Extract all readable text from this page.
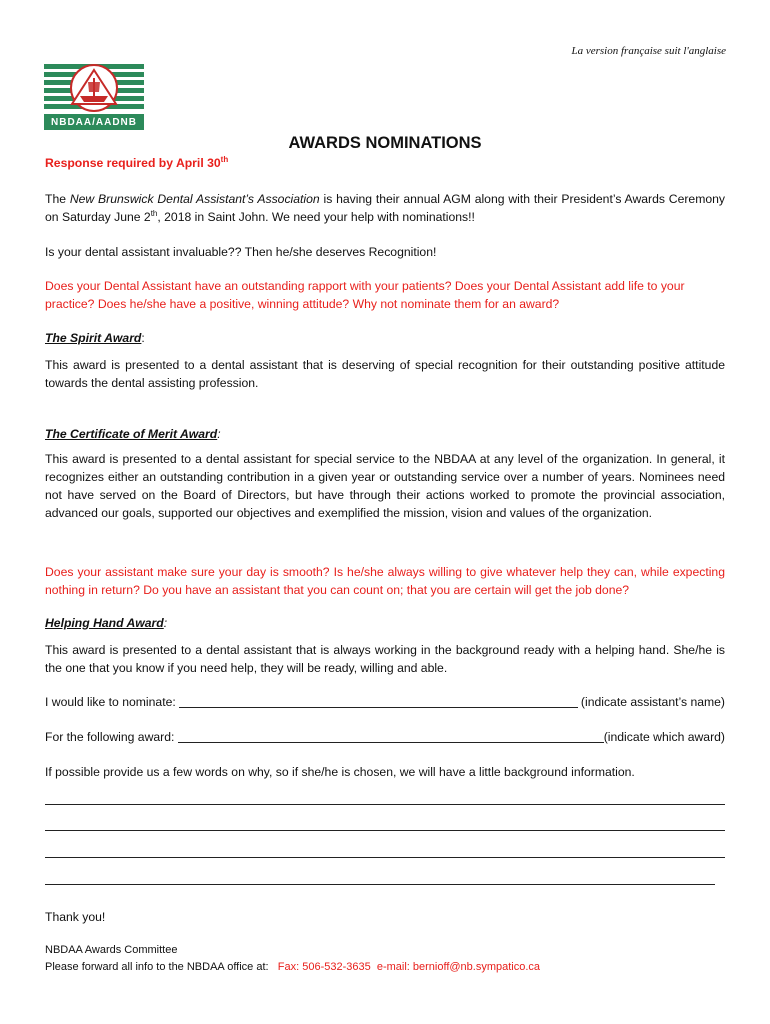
La version française suit l'anglaise
NBDAA/AADNB
AWARDS NOMINATIONS
Response required by April 30th
The New Brunswick Dental Assistant’s Association is having their annual AGM along with their President’s Awards Ceremony on Saturday June 2th, 2018 in Saint John. We need your help with nominations!!
Is your dental assistant invaluable?? Then he/she deserves Recognition!
Does your Dental Assistant have an outstanding rapport with your patients? Does your Dental Assistant add life to your practice? Does he/she have a positive, winning attitude? Why not nominate them for an award?
The Spirit Award:
This award is presented to a dental assistant that is deserving of special recognition for their outstanding positive attitude towards the dental assisting profession.
The Certificate of Merit Award:
This award is presented to a dental assistant for special service to the NBDAA at any level of the organization. In general, it recognizes either an outstanding contribution in a given year or outstanding service over a number of years. Nominees need not have served on the Board of Directors, but have through their actions worked to promote the provincial association, advanced our goals, supported our objectives and exemplified the mission, vision and values of the organization.
Does your assistant make sure your day is smooth? Is he/she always willing to give whatever help they can, while expecting nothing in return? Do you have an assistant that you can count on; that you are certain will get the job done?
Helping Hand Award:
This award is presented to a dental assistant that is always working in the background ready with a helping hand. She/he is the one that you know if you need help, they will be ready, willing and able.
I would like to nominate:	(indicate assistant’s name)
For the following award:	(indicate which award)
If possible provide us a few words on why, so if she/he is chosen, we will have a little background information.
Thank you!
NBDAA Awards Committee
Please forward all info to the NBDAA office at:   Fax: 506-532-3635  e-mail: bernioff@nb.sympatico.ca
